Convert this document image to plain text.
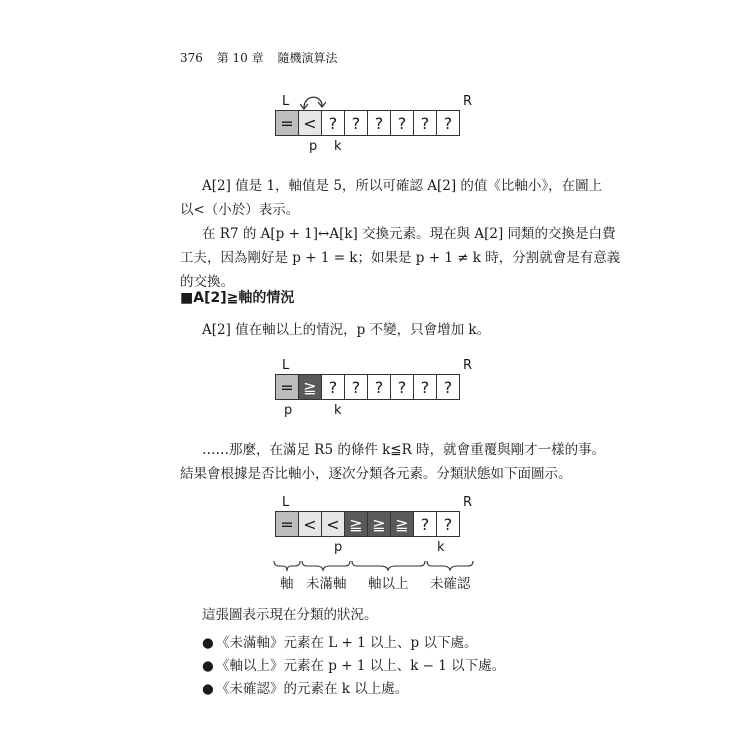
376 第 10 章 隨機演算法
L	R
= < ? ? ? ? ? ?
p k

A[2] 值是 1，軸值是 5，所以可確認 A[2] 的值《比軸小》，在圖上

以<（小於）表示。

在 R7 的 A[p + 1]↔A[k] 交換元素。現在與 A[2] 同類的交換是白費

工夫，因為剛好是 p + 1 = k；如果是 p + 1 ≠ k 時，分割就會是有意義

的交換。

■A[2]≧軸的情況

A[2] 值在軸以上的情況，p 不變，只會增加 k。

L	R
= ≧ ? ? ? ? ? ?
p	k

……那麼，在滿足 R5 的條件 k≦R 時，就會重覆與剛才一樣的事。

結果會根據是否比軸小，逐次分類各元素。分類狀態如下面圖示。

L	R
= < < ≧ ≧ ≧ ? ?
p	k
軸 未滿軸 軸以上 未確認

這張圖表示現在分類的狀況。

● 《未滿軸》元素在 L + 1 以上、p 以下處。
● 《軸以上》元素在 p + 1 以上、k − 1 以下處。
● 《未確認》的元素在 k 以上處。
